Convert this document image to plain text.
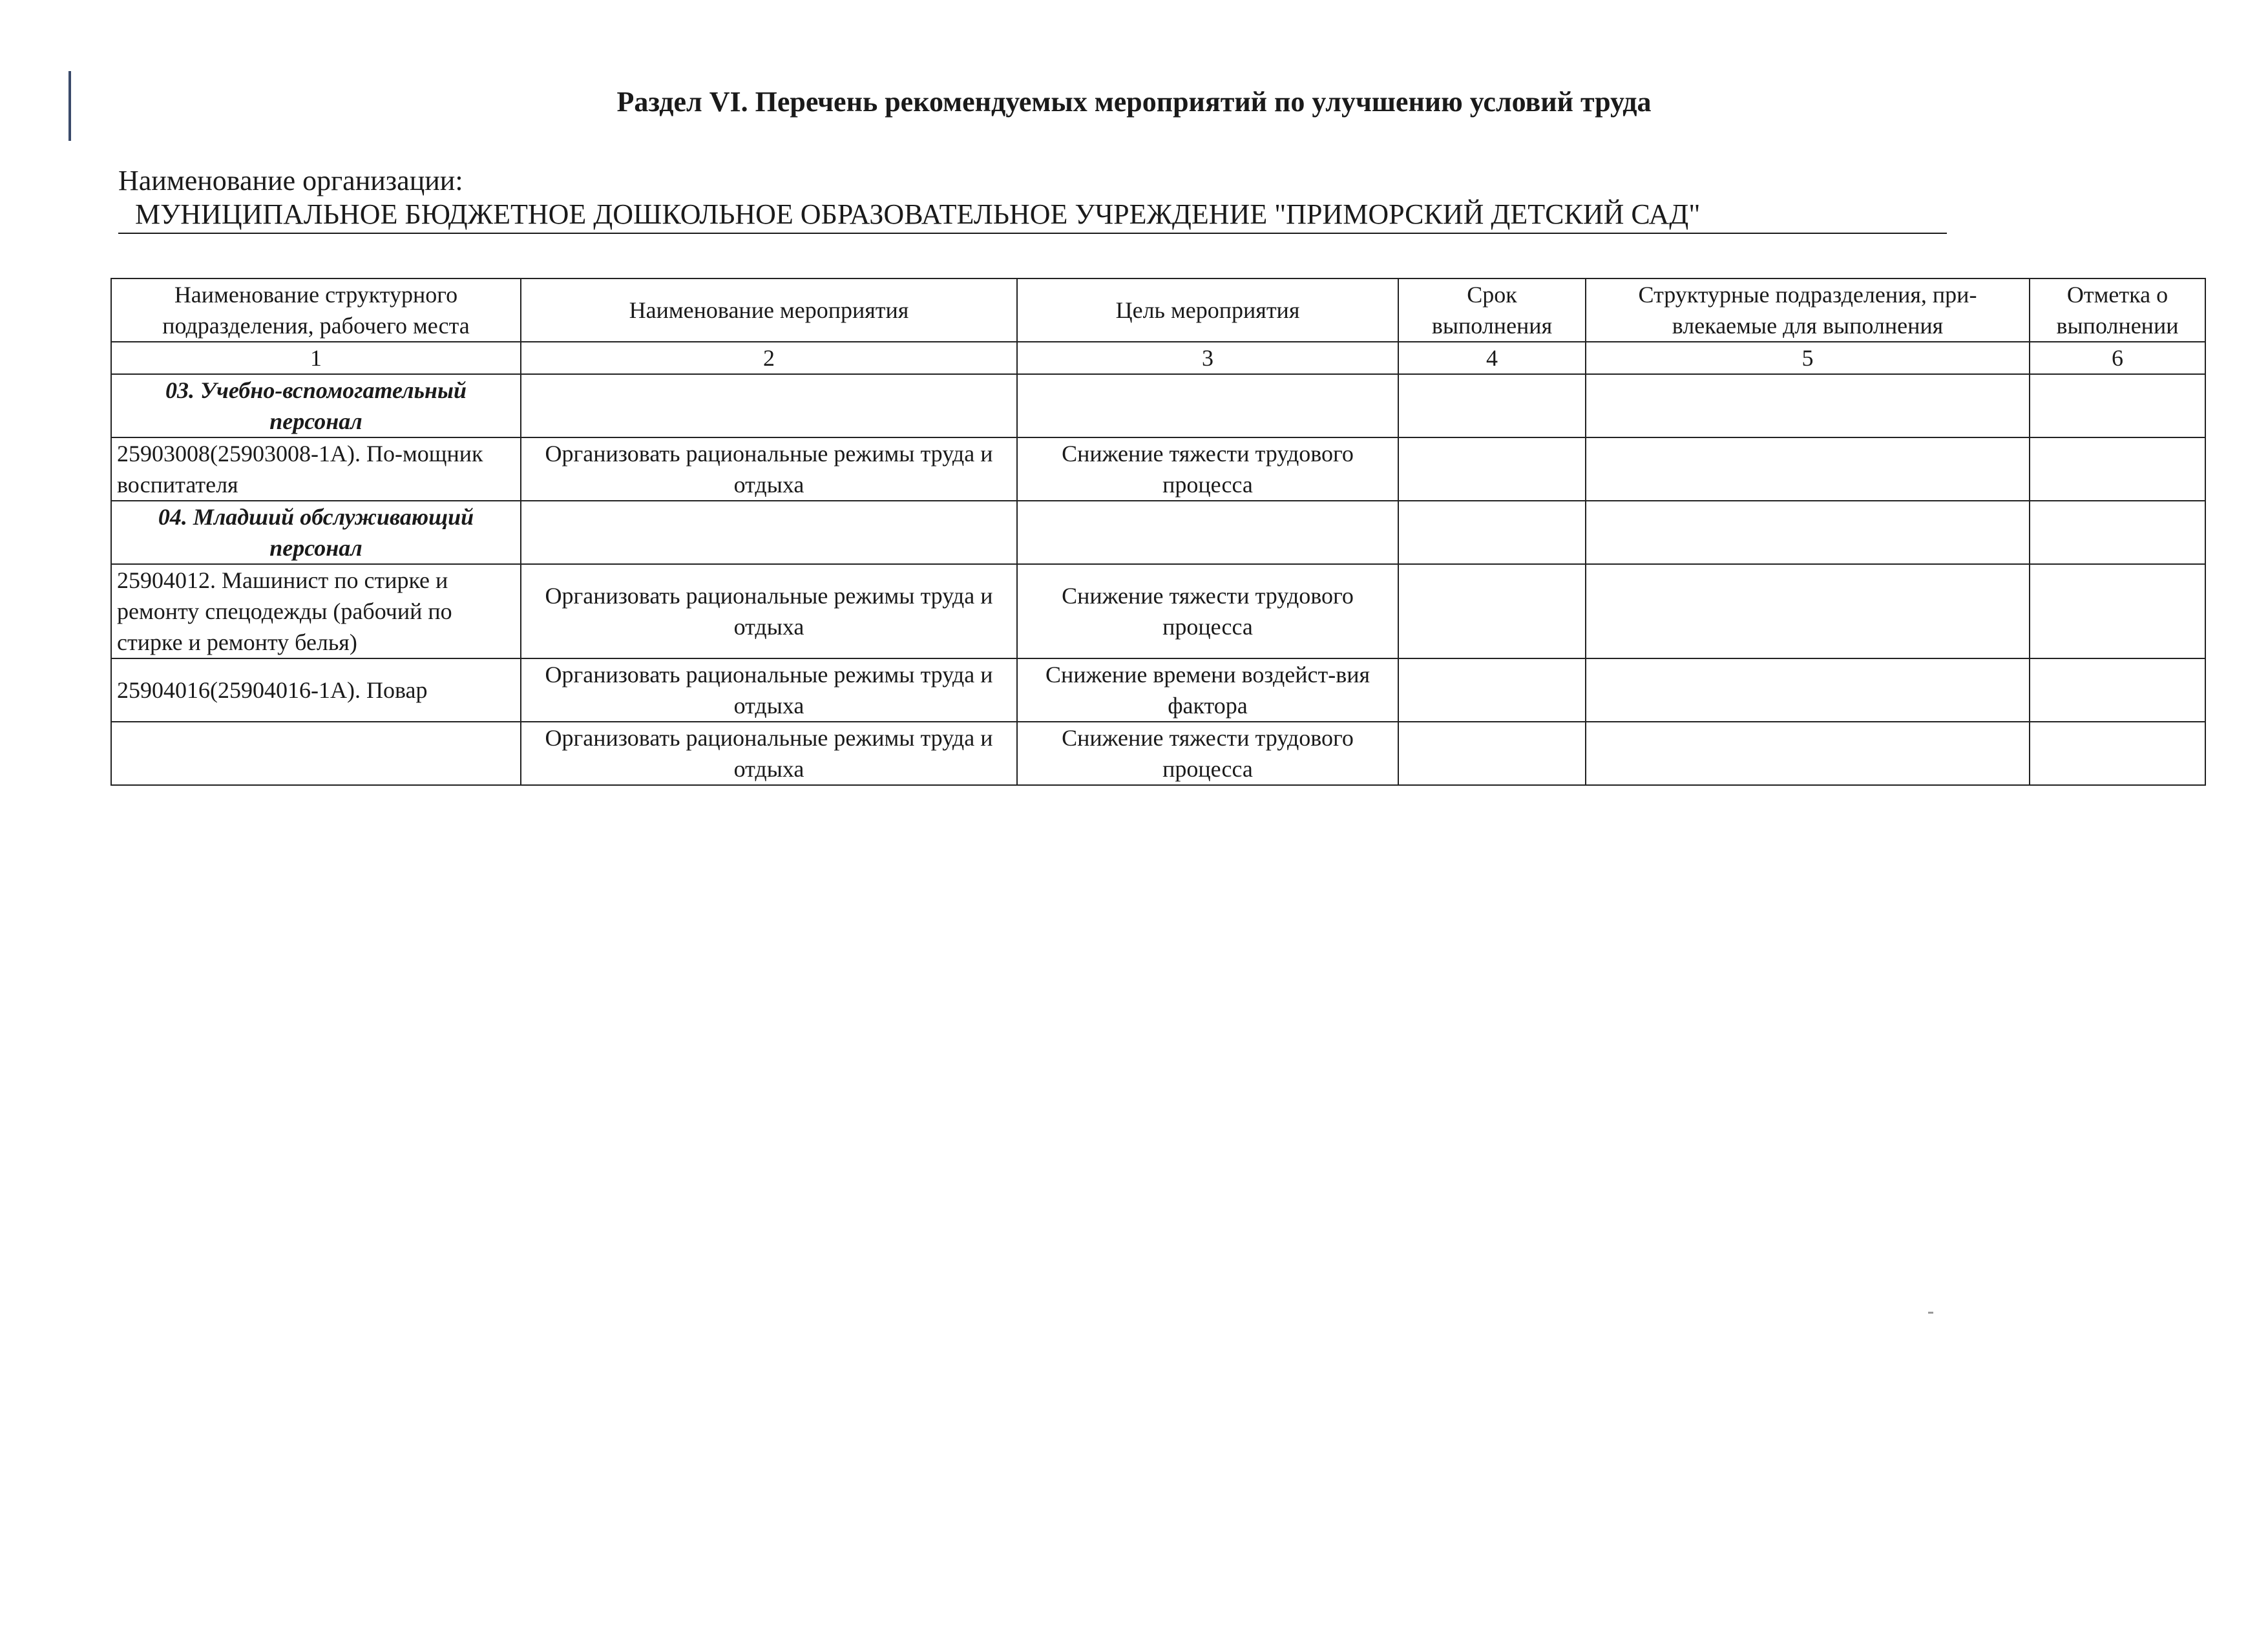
Раздел VI. Перечень рекомендуемых мероприятий по улучшению условий труда
Наименование организации:
МУНИЦИПАЛЬНОЕ БЮДЖЕТНОЕ ДОШКОЛЬНОЕ ОБРАЗОВАТЕЛЬНОЕ УЧРЕЖДЕНИЕ "ПРИМОРСКИЙ ДЕТСКИЙ САД"
Наименование структурного подразделения, рабочего места	Наименование мероприятия	Цель мероприятия	Срок выполнения	Структурные подразделения, при-влекаемые для выполнения	Отметка о выполнении
1	2	3	4	5	6
03. Учебно-вспомогательный персонал					
25903008(25903008-1А). По-мощник воспитателя	Организовать рациональные режимы труда и отдыха	Снижение тяжести трудового процесса			
04. Младший обслуживающий персонал					
25904012. Машинист по стирке и ремонту спецодежды (рабочий по стирке и ремонту белья)	Организовать рациональные режимы труда и отдыха	Снижение тяжести трудового процесса			
25904016(25904016-1А). Повар	Организовать рациональные режимы труда и отдыха	Снижение времени воздейст-вия фактора			
	Организовать рациональные режимы труда и отдыха	Снижение тяжести трудового процесса			
